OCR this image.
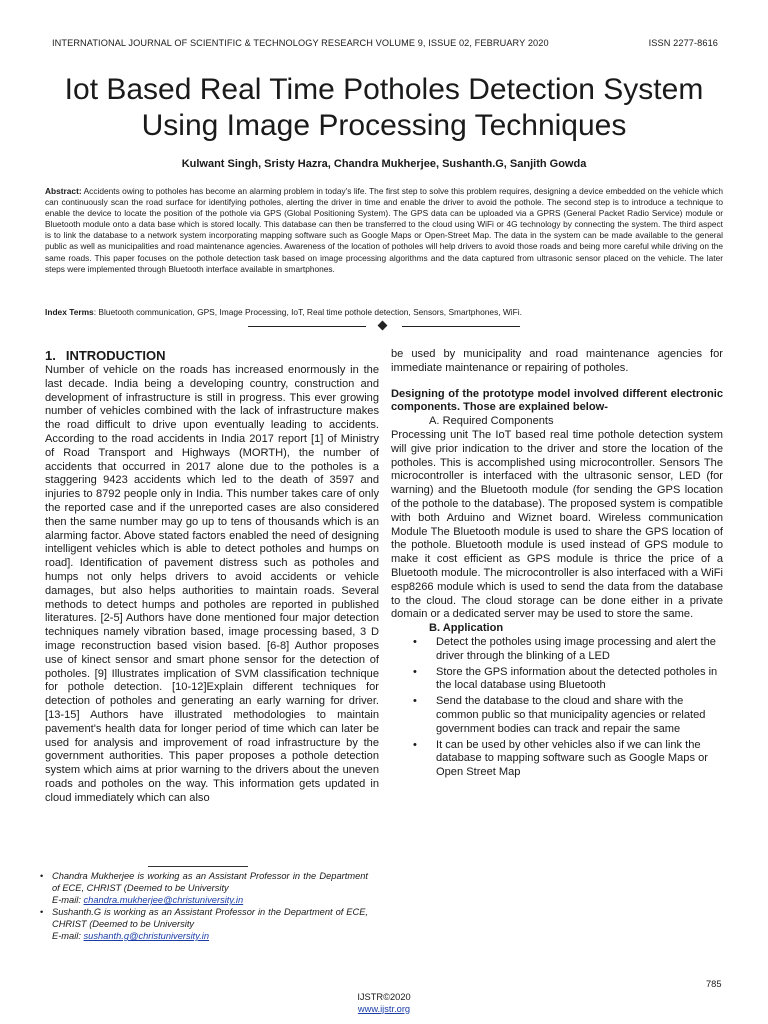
INTERNATIONAL JOURNAL OF SCIENTIFIC & TECHNOLOGY RESEARCH VOLUME 9, ISSUE 02, FEBRUARY 2020	ISSN 2277-8616
Iot Based Real Time Potholes Detection System
Using Image Processing Techniques
Kulwant Singh, Sristy Hazra, Chandra Mukherjee, Sushanth.G, Sanjith Gowda

Abstract: Accidents owing to potholes has become an alarming problem in today's life. The first step to solve this problem requires, designing a device embedded on the vehicle which can continuously scan the road surface for identifying potholes, alerting the driver in time and enable the driver to avoid the pothole. The second step is to introduce a technique to enable the device to locate the position of the pothole via GPS (Global Positioning System). The GPS data can be uploaded via a GPRS (General Packet Radio Service) module or Bluetooth module onto a data base which is stored locally. This database can then be transferred to the cloud using WiFi or 4G technology by connecting the system. The third aspect is to link the database to a network system incorporating mapping software such as Google Maps or Open-Street Map. The data in the system can be made available to the general public as well as municipalities and road maintenance agencies. Awareness of the location of potholes will help drivers to avoid those roads and being more careful while driving on the same roads. This paper focuses on the pothole detection task based on image processing algorithms and the data captured from ultrasonic sensor placed on the vehicle. The later steps were implemented through Bluetooth interface available in smartphones.

Index Terms: Bluetooth communication, GPS, Image Processing, IoT, Real time pothole detection, Sensors, Smartphones, WiFi.

1. INTRODUCTION

Number of vehicle on the roads has increased enormously in the last decade. India being a developing country, construction and development of infrastructure is still in progress. This ever growing number of vehicles combined with the lack of infrastructure makes the road difficult to drive upon eventually leading to accidents. According to the road accidents in India 2017 report [1] of Ministry of Road Transport and Highways (MORTH), the number of accidents that occurred in 2017 alone due to the potholes is a staggering 9423 accidents which led to the death of 3597 and injuries to 8792 people only in India. This number takes care of only the reported case and if the unreported cases are also considered then the same number may go up to tens of thousands which is an alarming factor. Above stated factors enabled the need of designing intelligent vehicles which is able to detect potholes and humps on road]. Identification of pavement distress such as potholes and humps not only helps drivers to avoid accidents or vehicle damages, but also helps authorities to maintain roads. Several methods to detect humps and potholes are reported in published literatures. [2-5] Authors have done mentioned four major detection techniques namely vibration based, image processing based, 3 D image reconstruction based vision based. [6-8] Author proposes use of kinect sensor and smart phone sensor for the detection of potholes. [9] Illustrates implication of SVM classification technique for pothole detection. [10-12]Explain different techniques for detection of potholes and generating an early warning for driver. [13-15] Authors have illustrated methodologies to maintain pavement's health data for longer period of time which can later be used for analysis and improvement of road infrastructure by the government authorities. This paper proposes a pothole detection system which aims at prior warning to the drivers about the uneven roads and potholes on the way. This information gets updated in cloud immediately which can also

be used by municipality and road maintenance agencies for immediate maintenance or repairing of potholes.

Designing of the prototype model involved different electronic components. Those are explained below-

A. Required Components

Processing unit The IoT based real time pothole detection system will give prior indication to the driver and store the location of the potholes. This is accomplished using microcontroller. Sensors The microcontroller is interfaced with the ultrasonic sensor, LED (for warning) and the Bluetooth module (for sending the GPS location of the pothole to the database). The proposed system is compatible with both Arduino and Wiznet board. Wireless communication Module The Bluetooth module is used to share the GPS location of the pothole. Bluetooth module is used instead of GPS module to make it cost efficient as GPS module is thrice the price of a Bluetooth module. The microcontroller is also interfaced with a WiFi esp8266 module which is used to send the data from the database to the cloud. The cloud storage can be done either in a private domain or a dedicated server may be used to store the same.

B. Application

• Detect the potholes using image processing and alert the driver through the blinking of a LED
• Store the GPS information about the detected potholes in the local database using Bluetooth
• Send the database to the cloud and share with the common public so that municipality agencies or related government bodies can track and repair the same
• It can be used by other vehicles also if we can link the database to mapping software such as Google Maps or Open Street Map

• Chandra Mukherjee is working as an Assistant Professor in the Department of ECE, CHRIST (Deemed to be University
E-mail: chandra.mukherjee@christuniversity.in

• Sushanth.G is working as an Assistant Professor in the Department of ECE, CHRIST (Deemed to be University
E-mail: sushanth.g@christuniversity.in

785
IJSTR©2020
www.ijstr.org
